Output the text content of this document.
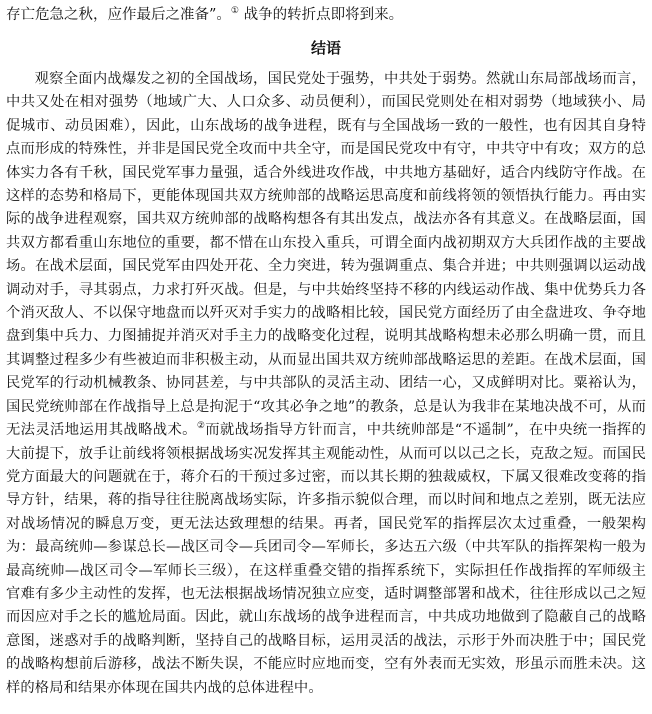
存亡危急之秋，应作最后之准备”。① 战争的转折点即将到来。

结语

观察全面内战爆发之初的全国战场，国民党处于强势，中共处于弱势。然就山东局部战场而言，中共又处在相对强势（地域广大、人口众多、动员便利），而国民党则处在相对弱势（地域狭小、局促城市、动员困难），因此，山东战场的战争进程，既有与全国战场一致的一般性，也有因其自身特点而形成的特殊性，并非是国民党全攻而中共全守，而是国民党攻中有守，中共守中有攻；双方的总体实力各有千秋，国民党军事力量强，适合外线进攻作战，中共地方基础好，适合内线防守作战。在这样的态势和格局下，更能体现国共双方统帅部的战略运思高度和前线将领的领悟执行能力。再由实际的战争进程观察，国共双方统帅部的战略构想各有其出发点，战法亦各有其意义。在战略层面，国共双方都看重山东地位的重要，都不惜在山东投入重兵，可谓全面内战初期双方大兵团作战的主要战场。在战术层面，国民党军由四处开花、全力突进，转为强调重点、集合并进；中共则强调以运动战调动对手，寻其弱点，力求打歼灭战。但是，与中共始终坚持不移的内线运动作战、集中优势兵力各个消灭敌人、不以保守地盘而以歼灭对手实力的战略相比较，国民党方面经历了由全盘进攻、争夺地盘到集中兵力、力图捕捉并消灭对手主力的战略变化过程，说明其战略构想未必那么明确一贯，而且其调整过程多少有些被迫而非积极主动，从而显出国共双方统帅部战略运思的差距。在战术层面，国民党军的行动机械教条、协同甚差，与中共部队的灵活主动、团结一心，又成鲜明对比。粟裕认为，国民党统帅部在作战指导上总是拘泥于“攻其必争之地”的教条，总是认为我非在某地决战不可，从而无法灵活地运用其战略战术。②而就战场指导方针而言，中共统帅部是“不遥制”，在中央统一指挥的大前提下，放手让前线将领根据战场实况发挥其主观能动性，从而可以以己之长，克敌之短。而国民党方面最大的问题就在于，蒋介石的干预过多过密，而以其长期的独裁威权，下属又很难改变蒋的指导方针，结果，蒋的指导往往脱离战场实际，许多指示貌似合理，而以时间和地点之差别，既无法应对战场情况的瞬息万变，更无法达致理想的结果。再者，国民党军的指挥层次太过重叠，一般架构为：最高统帅—参谋总长—战区司令—兵团司令—军师长，多达五六级（中共军队的指挥架构一般为最高统帅—战区司令—军师长三级），在这样重叠交错的指挥系统下，实际担任作战指挥的军师级主官难有多少主动性的发挥，也无法根据战场情况独立应变，适时调整部署和战术，往往形成以己之短而因应对手之长的尴尬局面。因此，就山东战场的战争进程而言，中共成功地做到了隐蔽自己的战略意图，迷惑对手的战略判断，坚持自己的战略目标，运用灵活的战法，示形于外而决胜于中；国民党的战略构想前后游移，战法不断失误，不能应时应地而变，空有外表而无实效，形虽示而胜未决。这样的格局和结果亦体现在国共内战的总体进程中。
